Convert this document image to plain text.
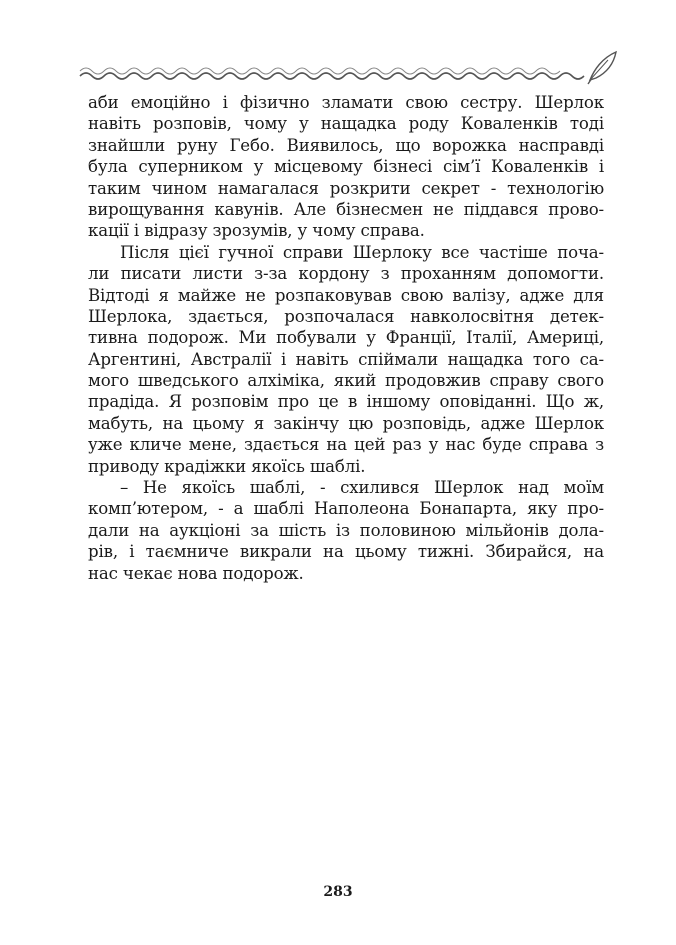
аби емоційно і фізично зламати свою сестру. Шерлок
навіть розповів, чому у нащадка роду Коваленків тоді
знайшли руну Гебо. Виявилось, що ворожка насправді
була суперником у місцевому бізнесі сім’ї Коваленків і
таким чином намагалася розкрити секрет - технологію
вирощування кавунів. Але бізнесмен не піддався прово-
кації і відразу зрозумів, у чому справа.
Після цієї гучної справи Шерлоку все частіше поча-
ли писати листи з-за кордону з проханням допомогти.
Відтоді я майже не розпаковував свою валізу, адже для
Шерлока, здається, розпочалася навколосвітня детек-
тивна подорож. Ми побували у Франції, Італії, Америці,
Аргентині, Австралії і навіть спіймали нащадка того са-
мого шведського алхіміка, який продовжив справу свого
прадіда. Я розповім про це в іншому оповіданні. Що ж,
мабуть, на цьому я закінчу цю розповідь, адже Шерлок
уже кличе мене, здається на цей раз у нас буде справа з
приводу крадіжки якоїсь шаблі.
– Не якоїсь шаблі, - схилився Шерлок над моїм
комп’ютером, - а шаблі Наполеона Бонапарта, яку про-
дали на аукціоні за шість із половиною мільйонів дола-
рів, і таємниче викрали на цьому тижні. Збирайся, на
нас чекає нова подорож.
283
